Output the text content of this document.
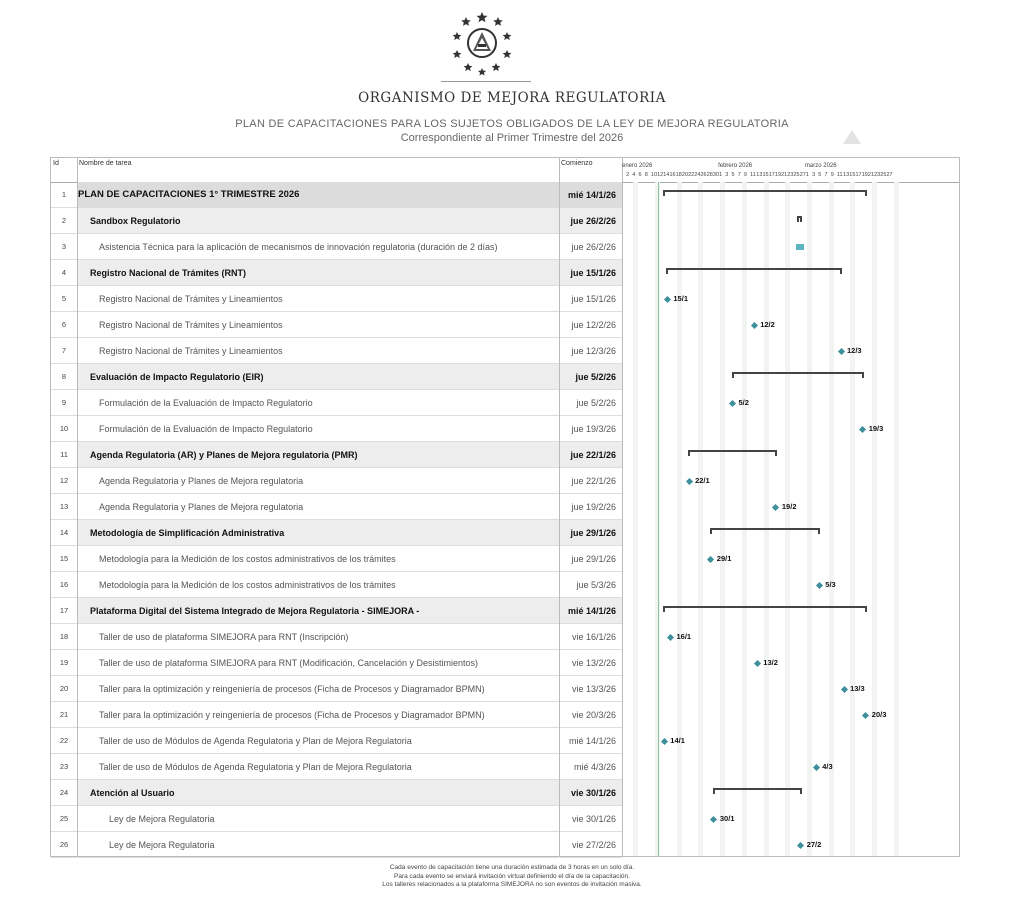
ORGANISMO DE MEJORA REGULATORIA
PLAN DE CAPACITACIONES PARA LOS SUJETOS OBLIGADOS DE LA LEY DE MEJORA REGULATORIA
Correspondiente al Primer Trimestre del 2026
Id	Nombre de tarea	Comienzo
1	PLAN DE CAPACITACIONES 1° TRIMESTRE 2026	mié 14/1/26
2	Sandbox Regulatorio	jue 26/2/26
3	Asistencia Técnica para la aplicación de mecanismos de innovación regulatoria (duración de 2 días)	jue 26/2/26
4	Registro Nacional de Trámites (RNT)	jue 15/1/26
5	Registro Nacional de Trámites y Lineamientos	jue 15/1/26
6	Registro Nacional de Trámites y Lineamientos	jue 12/2/26
7	Registro Nacional de Trámites y Lineamientos	jue 12/3/26
8	Evaluación de Impacto Regulatorio (EIR)	jue 5/2/26
9	Formulación de la Evaluación de Impacto Regulatorio	jue 5/2/26
10	Formulación de la Evaluación de Impacto Regulatorio	jue 19/3/26
11	Agenda Regulatoria (AR) y Planes de Mejora regulatoria (PMR)	jue 22/1/26
12	Agenda Regulatoria y Planes de Mejora regulatoria	jue 22/1/26
13	Agenda Regulatoria y Planes de Mejora regulatoria	jue 19/2/26
14	Metodología de Simplificación Administrativa	jue 29/1/26
15	Metodología para la Medición de los costos administrativos de los trámites	jue 29/1/26
16	Metodología para la Medición de los costos administrativos de los trámites	jue 5/3/26
17	Plataforma Digital del Sistema Integrado de Mejora Regulatoria - SIMEJORA -	mié 14/1/26
18	Taller de uso de plataforma SIMEJORA para RNT (Inscripción)	vie 16/1/26
19	Taller de uso de plataforma SIMEJORA para RNT (Modificación, Cancelación y Desistimientos)	vie 13/2/26
20	Taller para la optimización y reingeniería de procesos (Ficha de Procesos y Diagramador BPMN)	vie 13/3/26
21	Taller para la optimización y reingeniería de procesos (Ficha de Procesos y Diagramador BPMN)	vie 20/3/26
22	Taller de uso de Módulos de Agenda Regulatoria y Plan de Mejora Regulatoria	mié 14/1/26
23	Taller de uso de Módulos de Agenda Regulatoria y Plan de Mejora Regulatoria	mié 4/3/26
24	Atención al Usuario	vie 30/1/26
25	Ley de Mejora Regulatoria	vie 30/1/26
26	Ley de Mejora Regulatoria	vie 27/2/26
enero 2026	febrero 2026	marzo 2026
2 4 6 8 10 12 14 16 18 20 22 24 26 28 30 1 3 5 7 9 11 13 15 17 19 21 23 25 27 1 3 5 7 9 11 13 15 17 19 21 23 25 27
15/1
12/2
12/3
5/2
19/3
22/1
19/2
29/1
5/3
16/1
13/2
13/3
20/3
14/1
4/3
30/1
27/2
Cada evento de capacitación tiene una duración estimada de 3 horas en un solo día.
Para cada evento se enviará invitación virtual definiendo el día de la capacitación.
Los talleres relacionados a la plataforma SIMEJORA no son eventos de invitación masiva.
